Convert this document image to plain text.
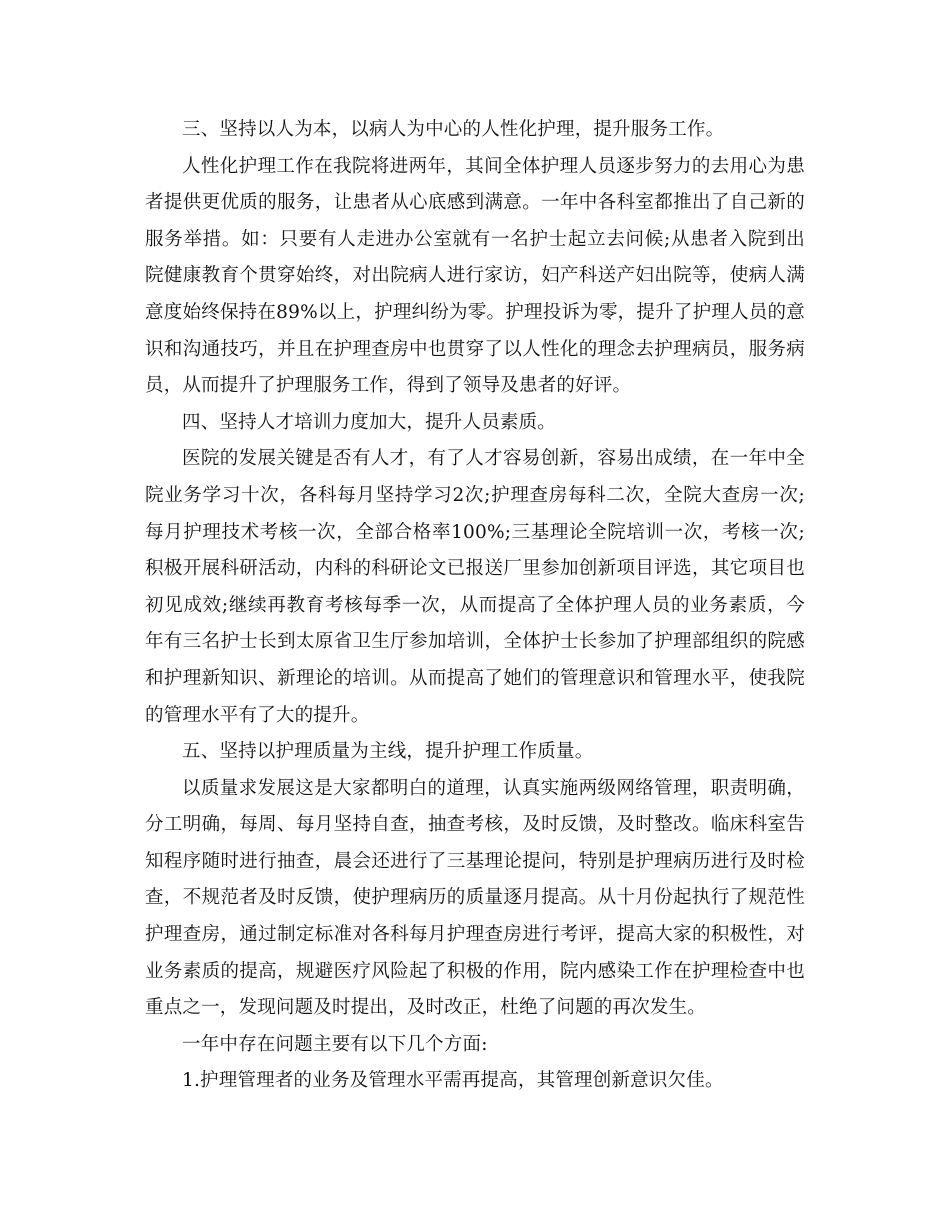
三、坚持以人为本，以病人为中心的人性化护理，提升服务工作。

人性化护理工作在我院将进两年，其间全体护理人员逐步努力的去用心为患者提供更优质的服务，让患者从心底感到满意。一年中各科室都推出了自己新的服务举措。如：只要有人走进办公室就有一名护士起立去问候;从患者入院到出院健康教育个贯穿始终，对出院病人进行家访，妇产科送产妇出院等，使病人满意度始终保持在89%以上，护理纠纷为零。护理投诉为零，提升了护理人员的意识和沟通技巧，并且在护理查房中也贯穿了以人性化的理念去护理病员，服务病员，从而提升了护理服务工作，得到了领导及患者的好评。

四、坚持人才培训力度加大，提升人员素质。

医院的发展关键是否有人才，有了人才容易创新，容易出成绩，在一年中全院业务学习十次，各科每月坚持学习2次;护理查房每科二次，全院大查房一次;每月护理技术考核一次，全部合格率100%;三基理论全院培训一次，考核一次;积极开展科研活动，内科的科研论文已报送厂里参加创新项目评选，其它项目也初见成效;继续再教育考核每季一次，从而提高了全体护理人员的业务素质，今年有三名护士长到太原省卫生厅参加培训，全体护士长参加了护理部组织的院感和护理新知识、新理论的培训。从而提高了她们的管理意识和管理水平，使我院的管理水平有了大的提升。

五、坚持以护理质量为主线，提升护理工作质量。

以质量求发展这是大家都明白的道理，认真实施两级网络管理，职责明确，分工明确，每周、每月坚持自查，抽查考核，及时反馈，及时整改。临床科室告知程序随时进行抽查，晨会还进行了三基理论提问，特别是护理病历进行及时检查，不规范者及时反馈，使护理病历的质量逐月提高。从十月份起执行了规范性护理查房，通过制定标准对各科每月护理查房进行考评，提高大家的积极性，对业务素质的提高，规避医疗风险起了积极的作用，院内感染工作在护理检查中也重点之一，发现问题及时提出，及时改正，杜绝了问题的再次发生。

一年中存在问题主要有以下几个方面:

1.护理管理者的业务及管理水平需再提高，其管理创新意识欠佳。
